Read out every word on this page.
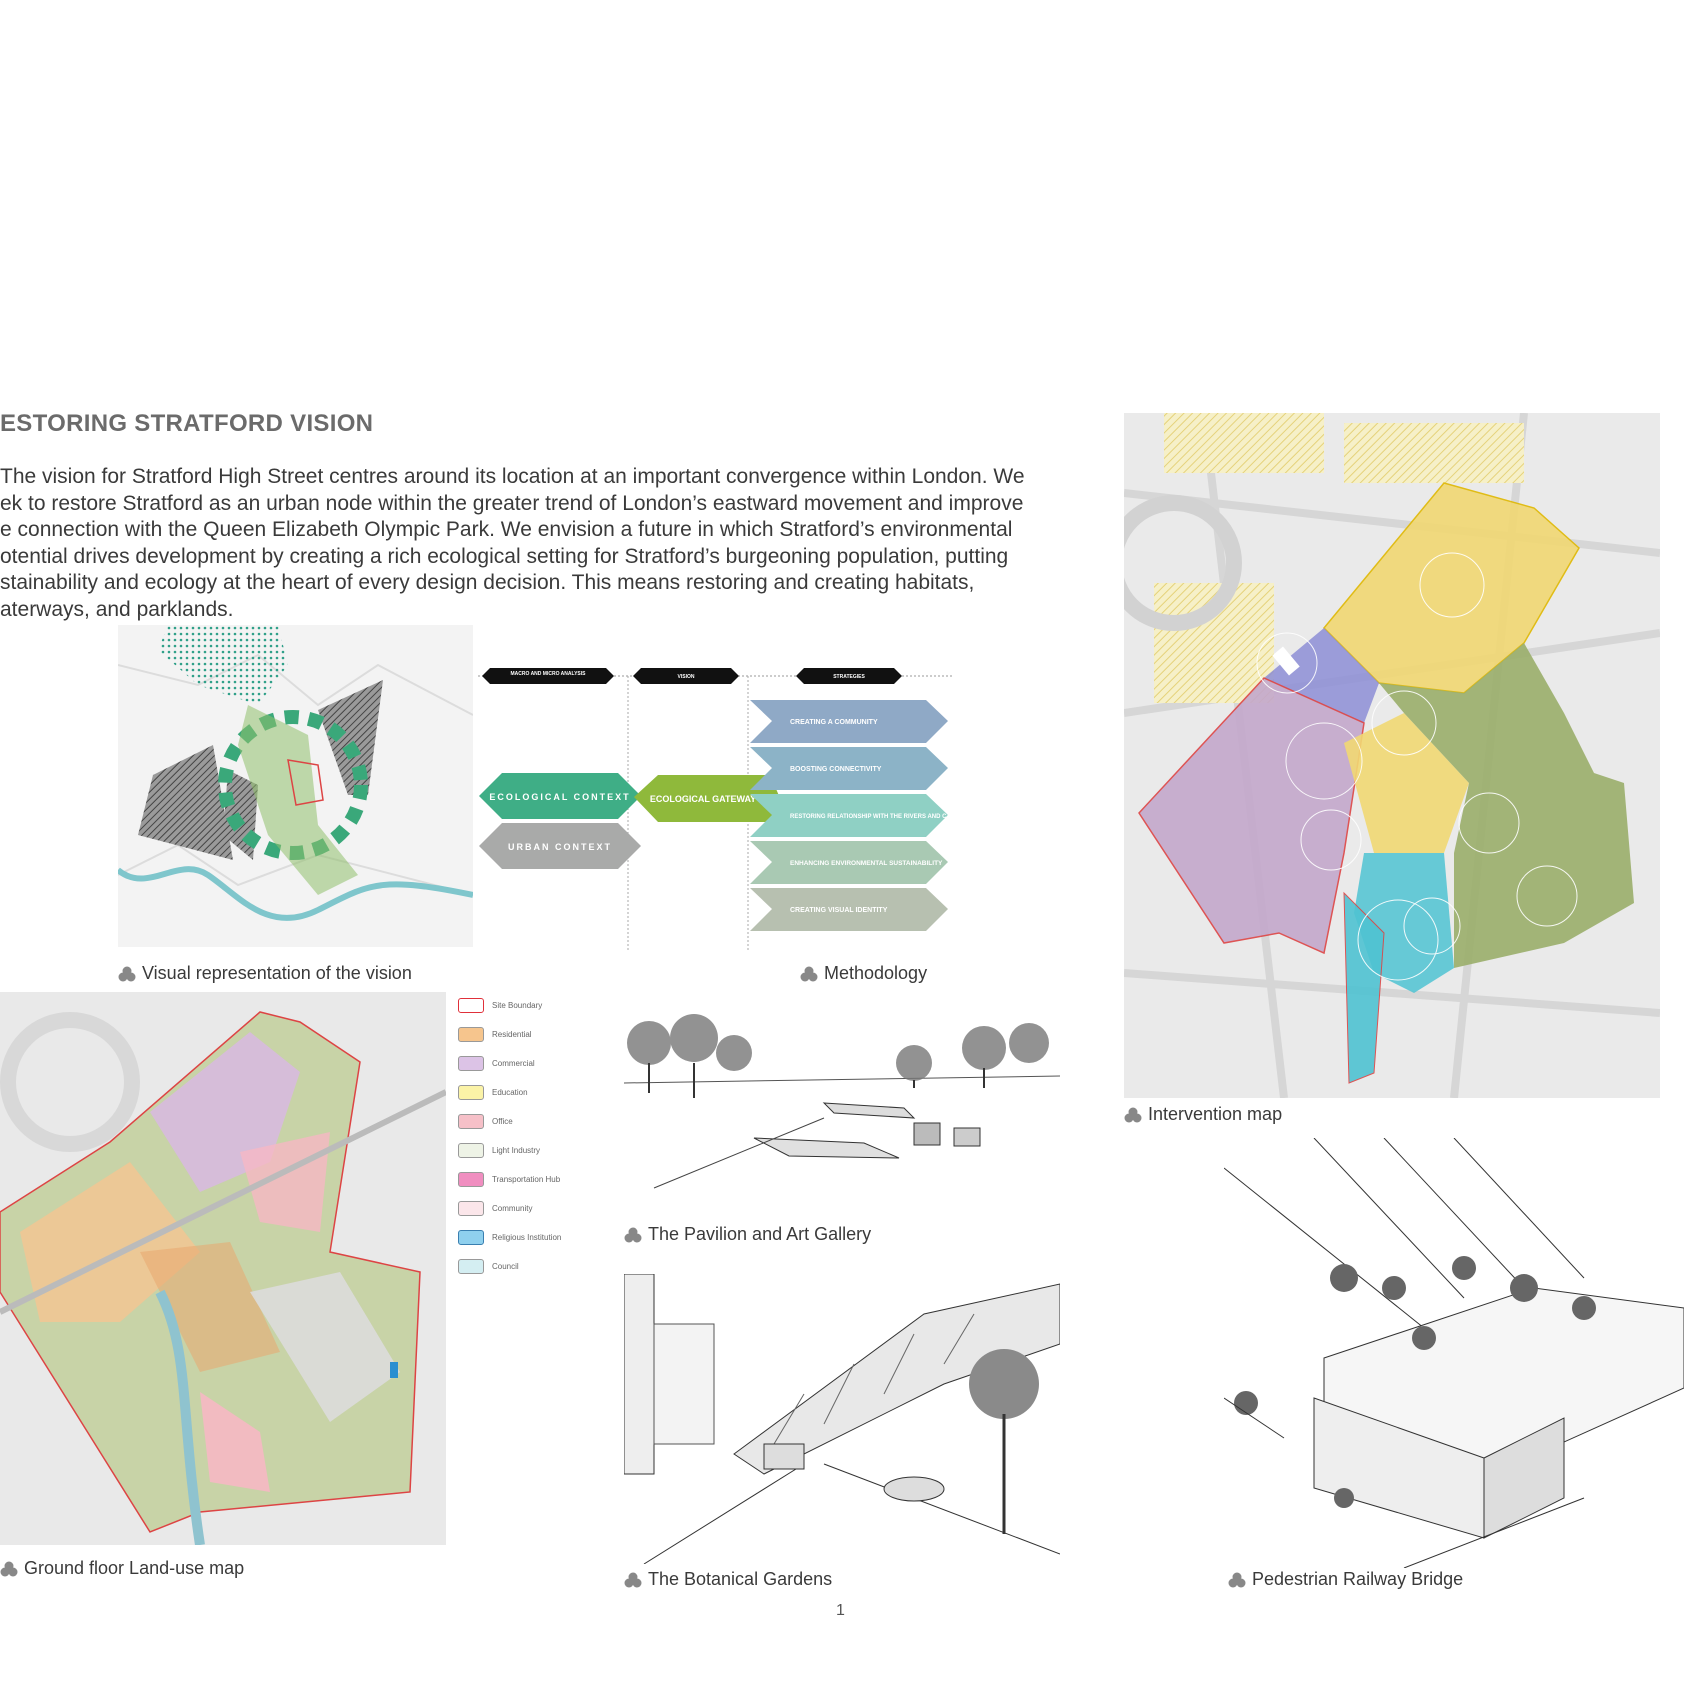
ESTORING STRATFORD VISION

The vision for Stratford High Street centres around its location at an important convergence within London. We

ek to restore Stratford as an urban node within the greater trend of London’s eastward movement and improve

e connection with the Queen Elizabeth Olympic Park. We envision a future in which Stratford’s environmental

otential drives development by creating a rich ecological setting for Stratford’s burgeoning population, putting

stainability and ecology at the heart of every design decision. This means restoring and creating habitats,

aterways, and parklands.

Visual representation of the vision
MACRO AND MICRO ANALYSIS	VISION	STRATEGIES
ECOLOGICAL CONTEXT
URBAN CONTEXT
ECOLOGICAL GATEWAY
CREATING A COMMUNITY
BOOSTING CONNECTIVITY
RESTORING RELATIONSHIP WITH THE RIVERS AND CANALS
ENHANCING ENVIRONMENTAL SUSTAINABILITY
CREATING VISUAL IDENTITY
Methodology
Intervention map
Ground floor Land-use map
Site Boundary
Residential
Commercial
Education
Office
Light Industry
Transportation Hub
Community
Religious Institution
Council
The Pavilion and Art Gallery
The Botanical Gardens	Pedestrian Railway Bridge
1
